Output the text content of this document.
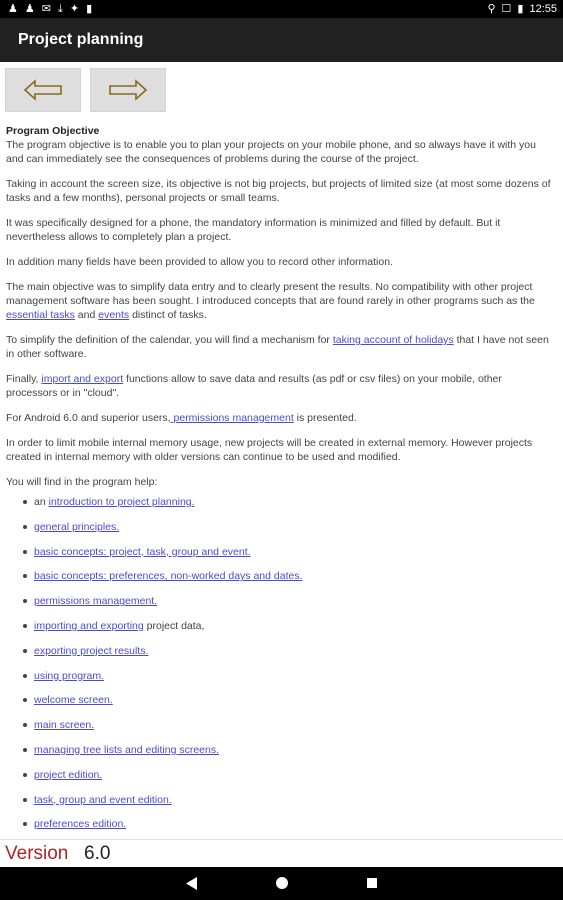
♟ ♟ ✉ ⤓ ✦ ▮	⚲ ☐ ▮ 12:55
Project planning

Program Objective
The program objective is to enable you to plan your projects on your mobile phone, and so always have it with you and can immediately see the consequences of problems during the course of the project.

Taking in account the screen size, its objective is not big projects, but projects of limited size (at most some dozens of tasks and a few months), personal projects or small teams.

It was specifically designed for a phone, the mandatory information is minimized and filled by default. But it nevertheless allows to completely plan a project.

In addition many fields have been provided to allow you to record other information.

The main objective was to simplify data entry and to clearly present the results. No compatibility with other project management software has been sought. I introduced concepts that are found rarely in other programs such as the essential tasks and events distinct of tasks.

To simplify the definition of the calendar, you will find a mechanism for taking account of holidays that I have not seen in other software.

Finally, import and export functions allow to save data and results (as pdf or csv files) on your mobile, other processors or in "cloud".

For Android 6.0 and superior users, permissions management is presented.

In order to limit mobile internal memory usage, new projects will be created in external memory. However projects created in internal memory with older versions can continue to be used and modified.

You will find in the program help:

an introduction to project planning.
general principles.
basic concepts: project, task, group and event.
basic concepts: preferences, non-worked days and dates.
permissions management.
importing and exporting project data,
exporting project results.
using program.
welcome screen.
main screen.
managing tree lists and editing screens.
project edition.
task, group and event edition.
preferences edition.
Version 6.0
